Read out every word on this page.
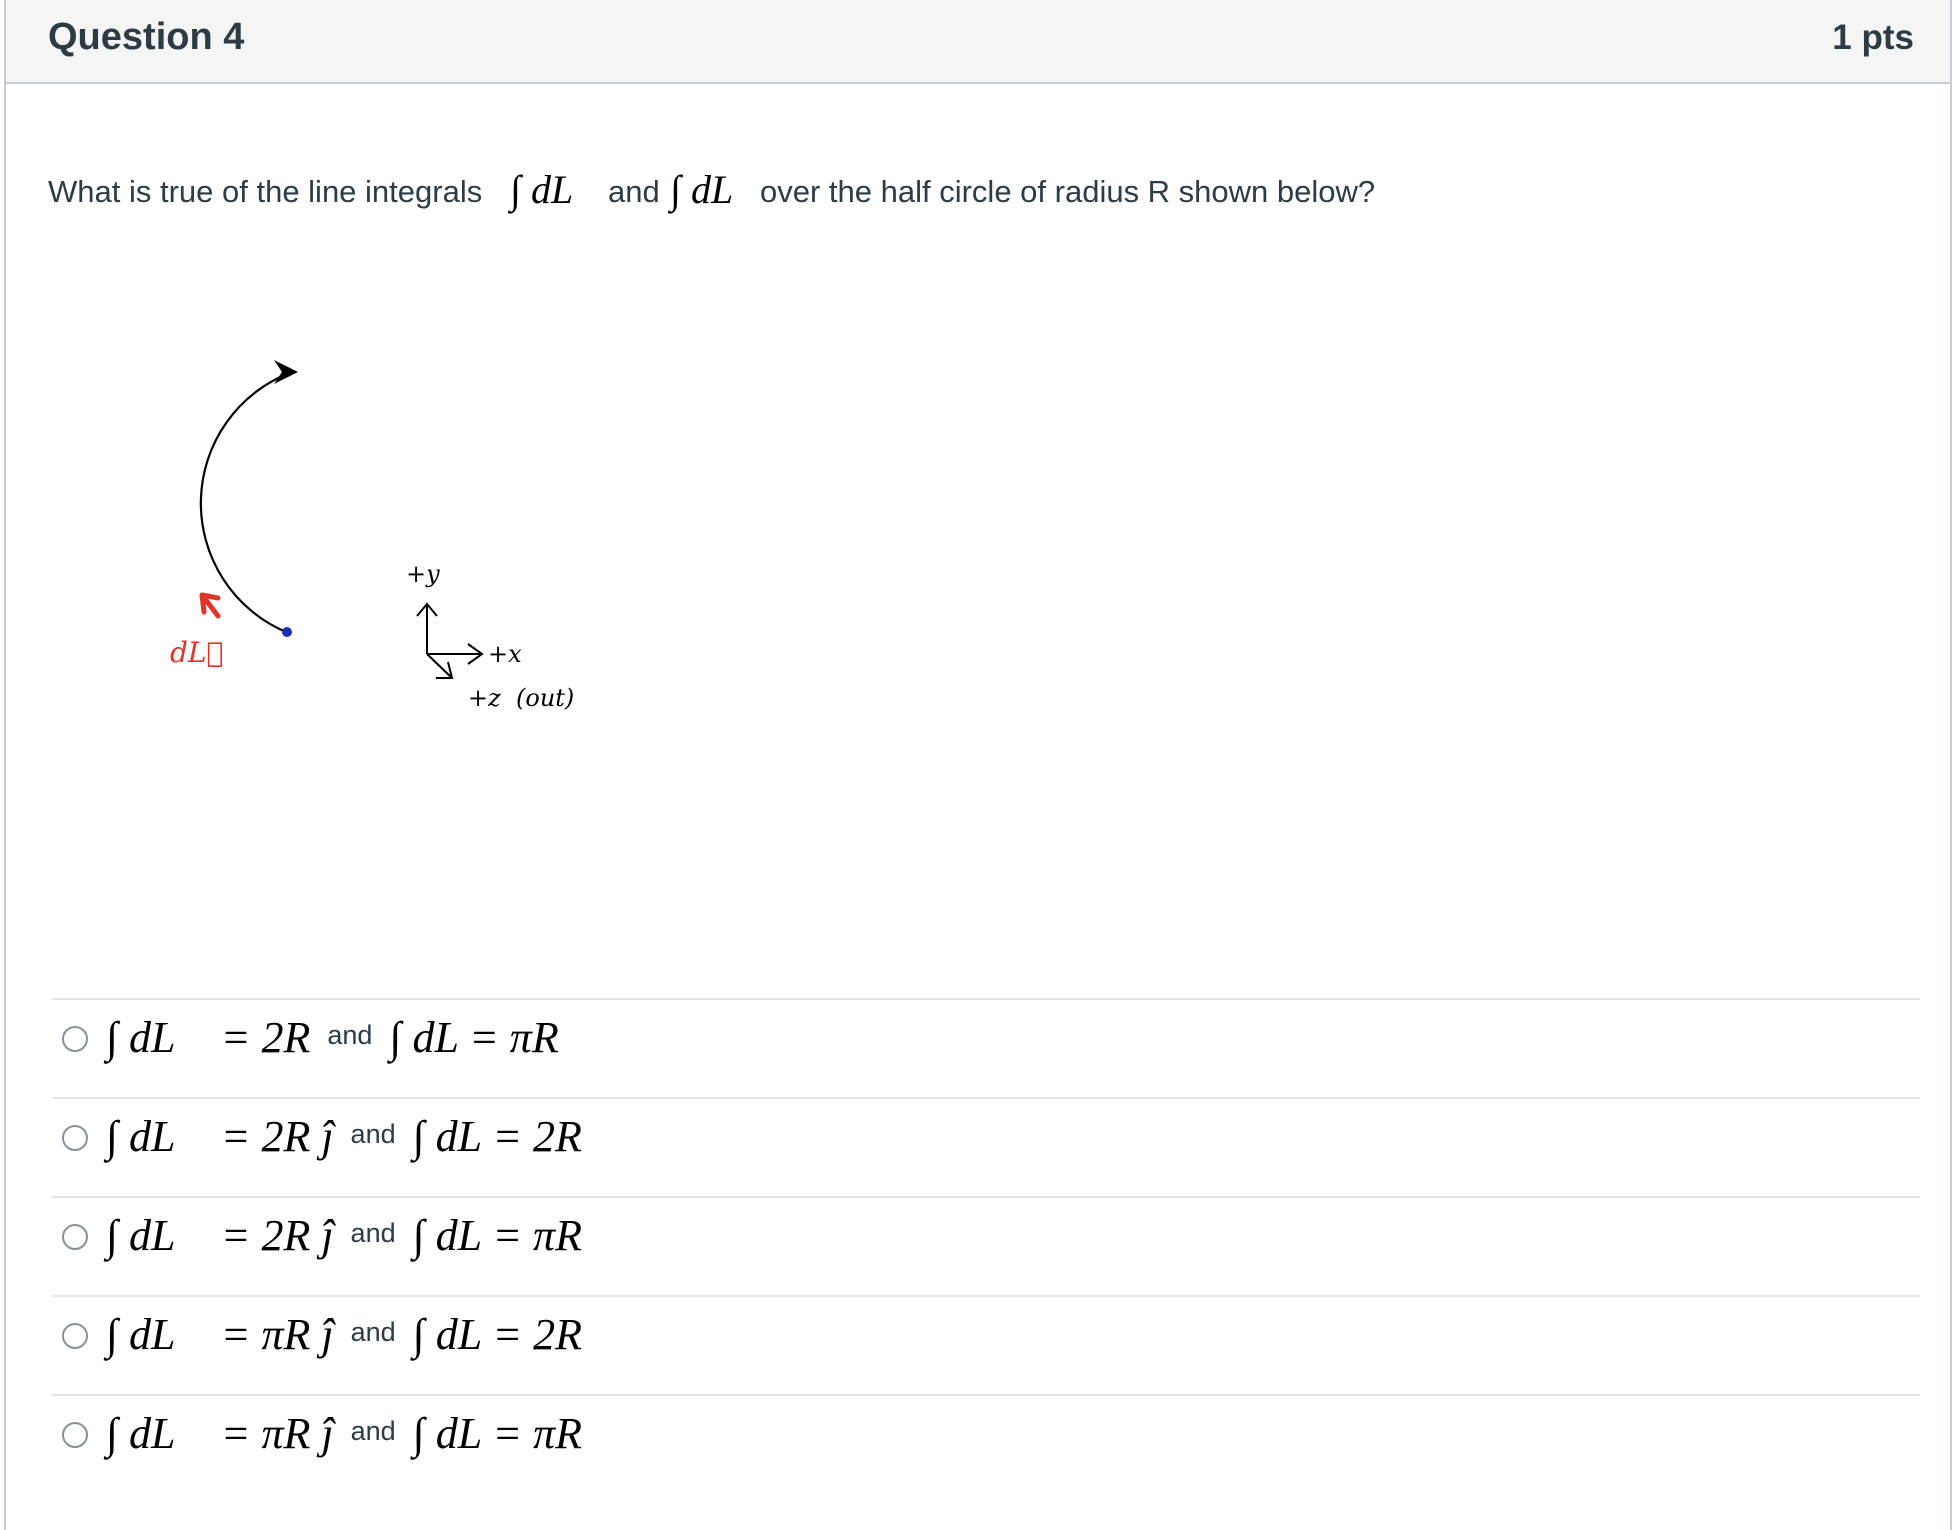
Question 4	1 pts
What is true of the line integrals ∫ dL⃗ and ∫ dL over the half circle of radius R shown below?
dL⃗
+y
+x
+z  (out)
∫ dL⃗ = 2R and ∫ dL = πR
∫ dL⃗ = 2R ĵ and ∫ dL = 2R
∫ dL⃗ = 2R ĵ and ∫ dL = πR
∫ dL⃗ = πR ĵ and ∫ dL = 2R
∫ dL⃗ = πR ĵ and ∫ dL = πR
